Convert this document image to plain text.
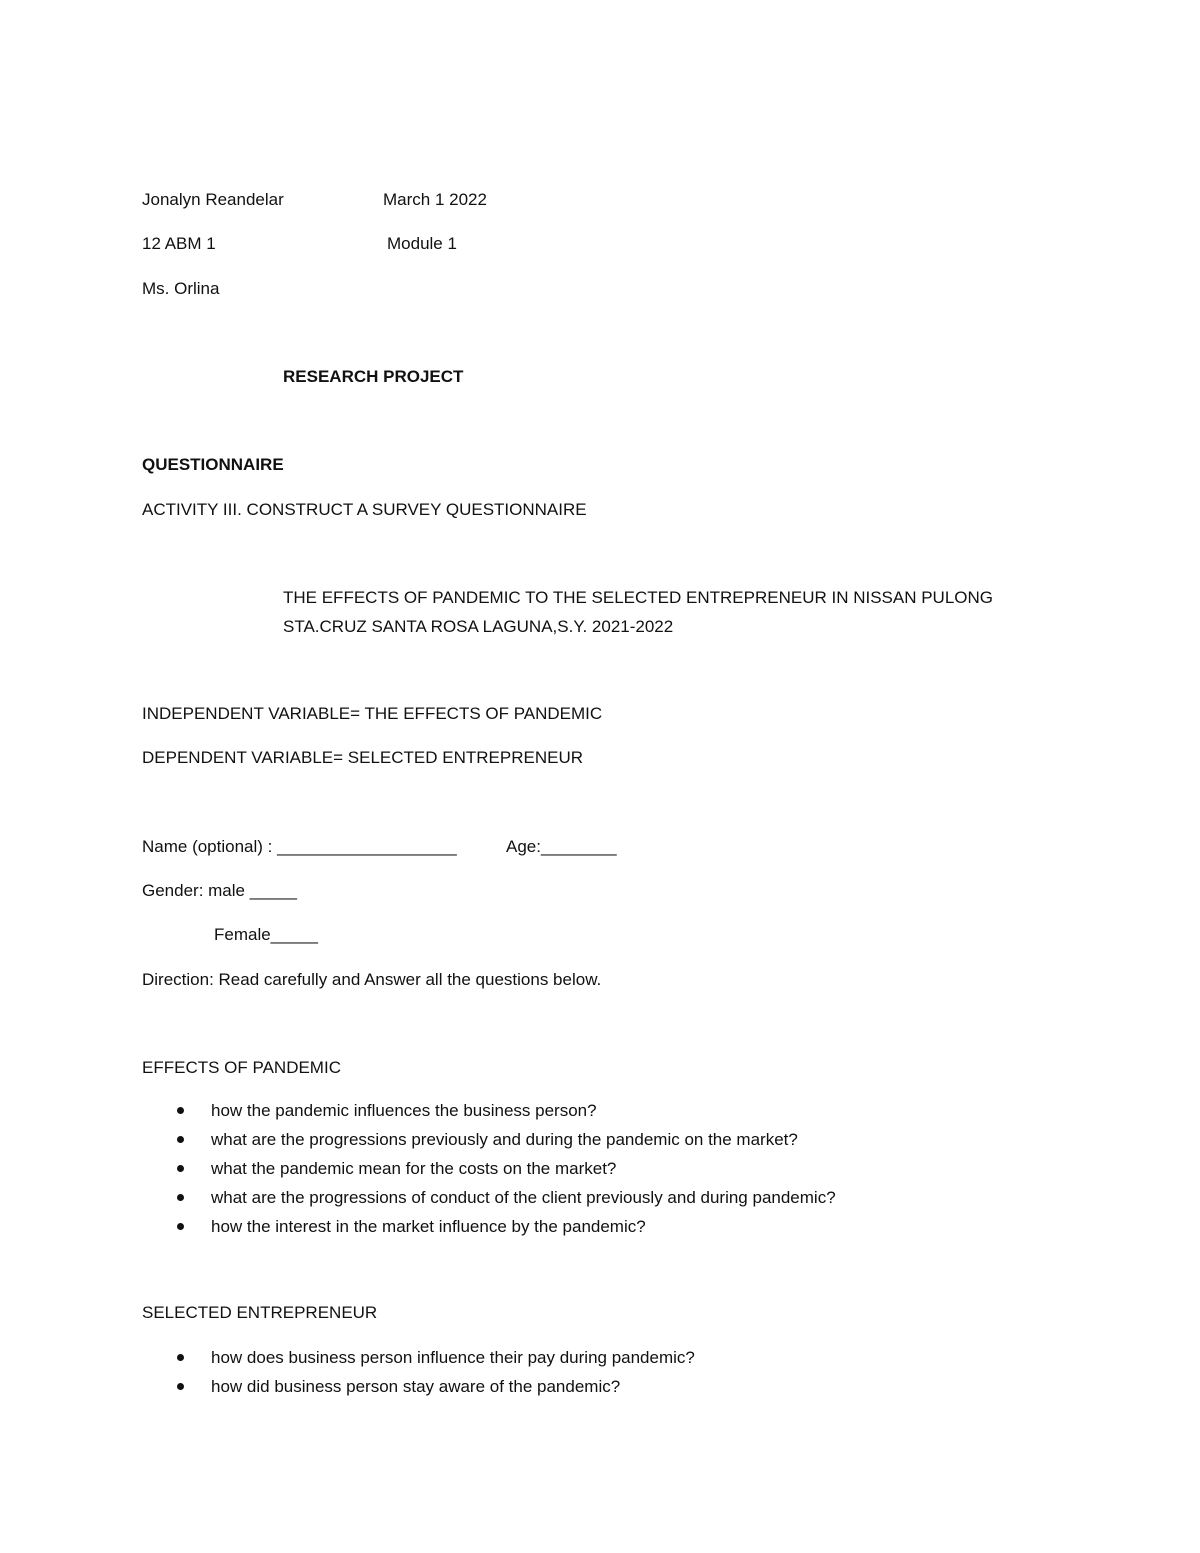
Jonalyn Reandelar	March 1 2022
12 ABM 1	Module 1
Ms. Orlina
RESEARCH PROJECT
QUESTIONNAIRE
ACTIVITY III. CONSTRUCT A SURVEY QUESTIONNAIRE
THE EFFECTS OF PANDEMIC TO THE SELECTED ENTREPRENEUR IN NISSAN PULONG
STA.CRUZ SANTA ROSA LAGUNA,S.Y. 2021-2022
INDEPENDENT VARIABLE= THE EFFECTS OF PANDEMIC
DEPENDENT VARIABLE= SELECTED ENTREPRENEUR
Name (optional) : ___________________	Age:________
Gender: male _____
Female_____
Direction: Read carefully and Answer all the questions below.
EFFECTS OF PANDEMIC
how the pandemic influences the business person?
what are the progressions previously and during the pandemic on the market?
what the pandemic mean for the costs on the market?
what are the progressions of conduct of the client previously and during pandemic?
how the interest in the market influence by the pandemic?
SELECTED ENTREPRENEUR
how does business person influence their pay during pandemic?
how did business person stay aware of the pandemic?
